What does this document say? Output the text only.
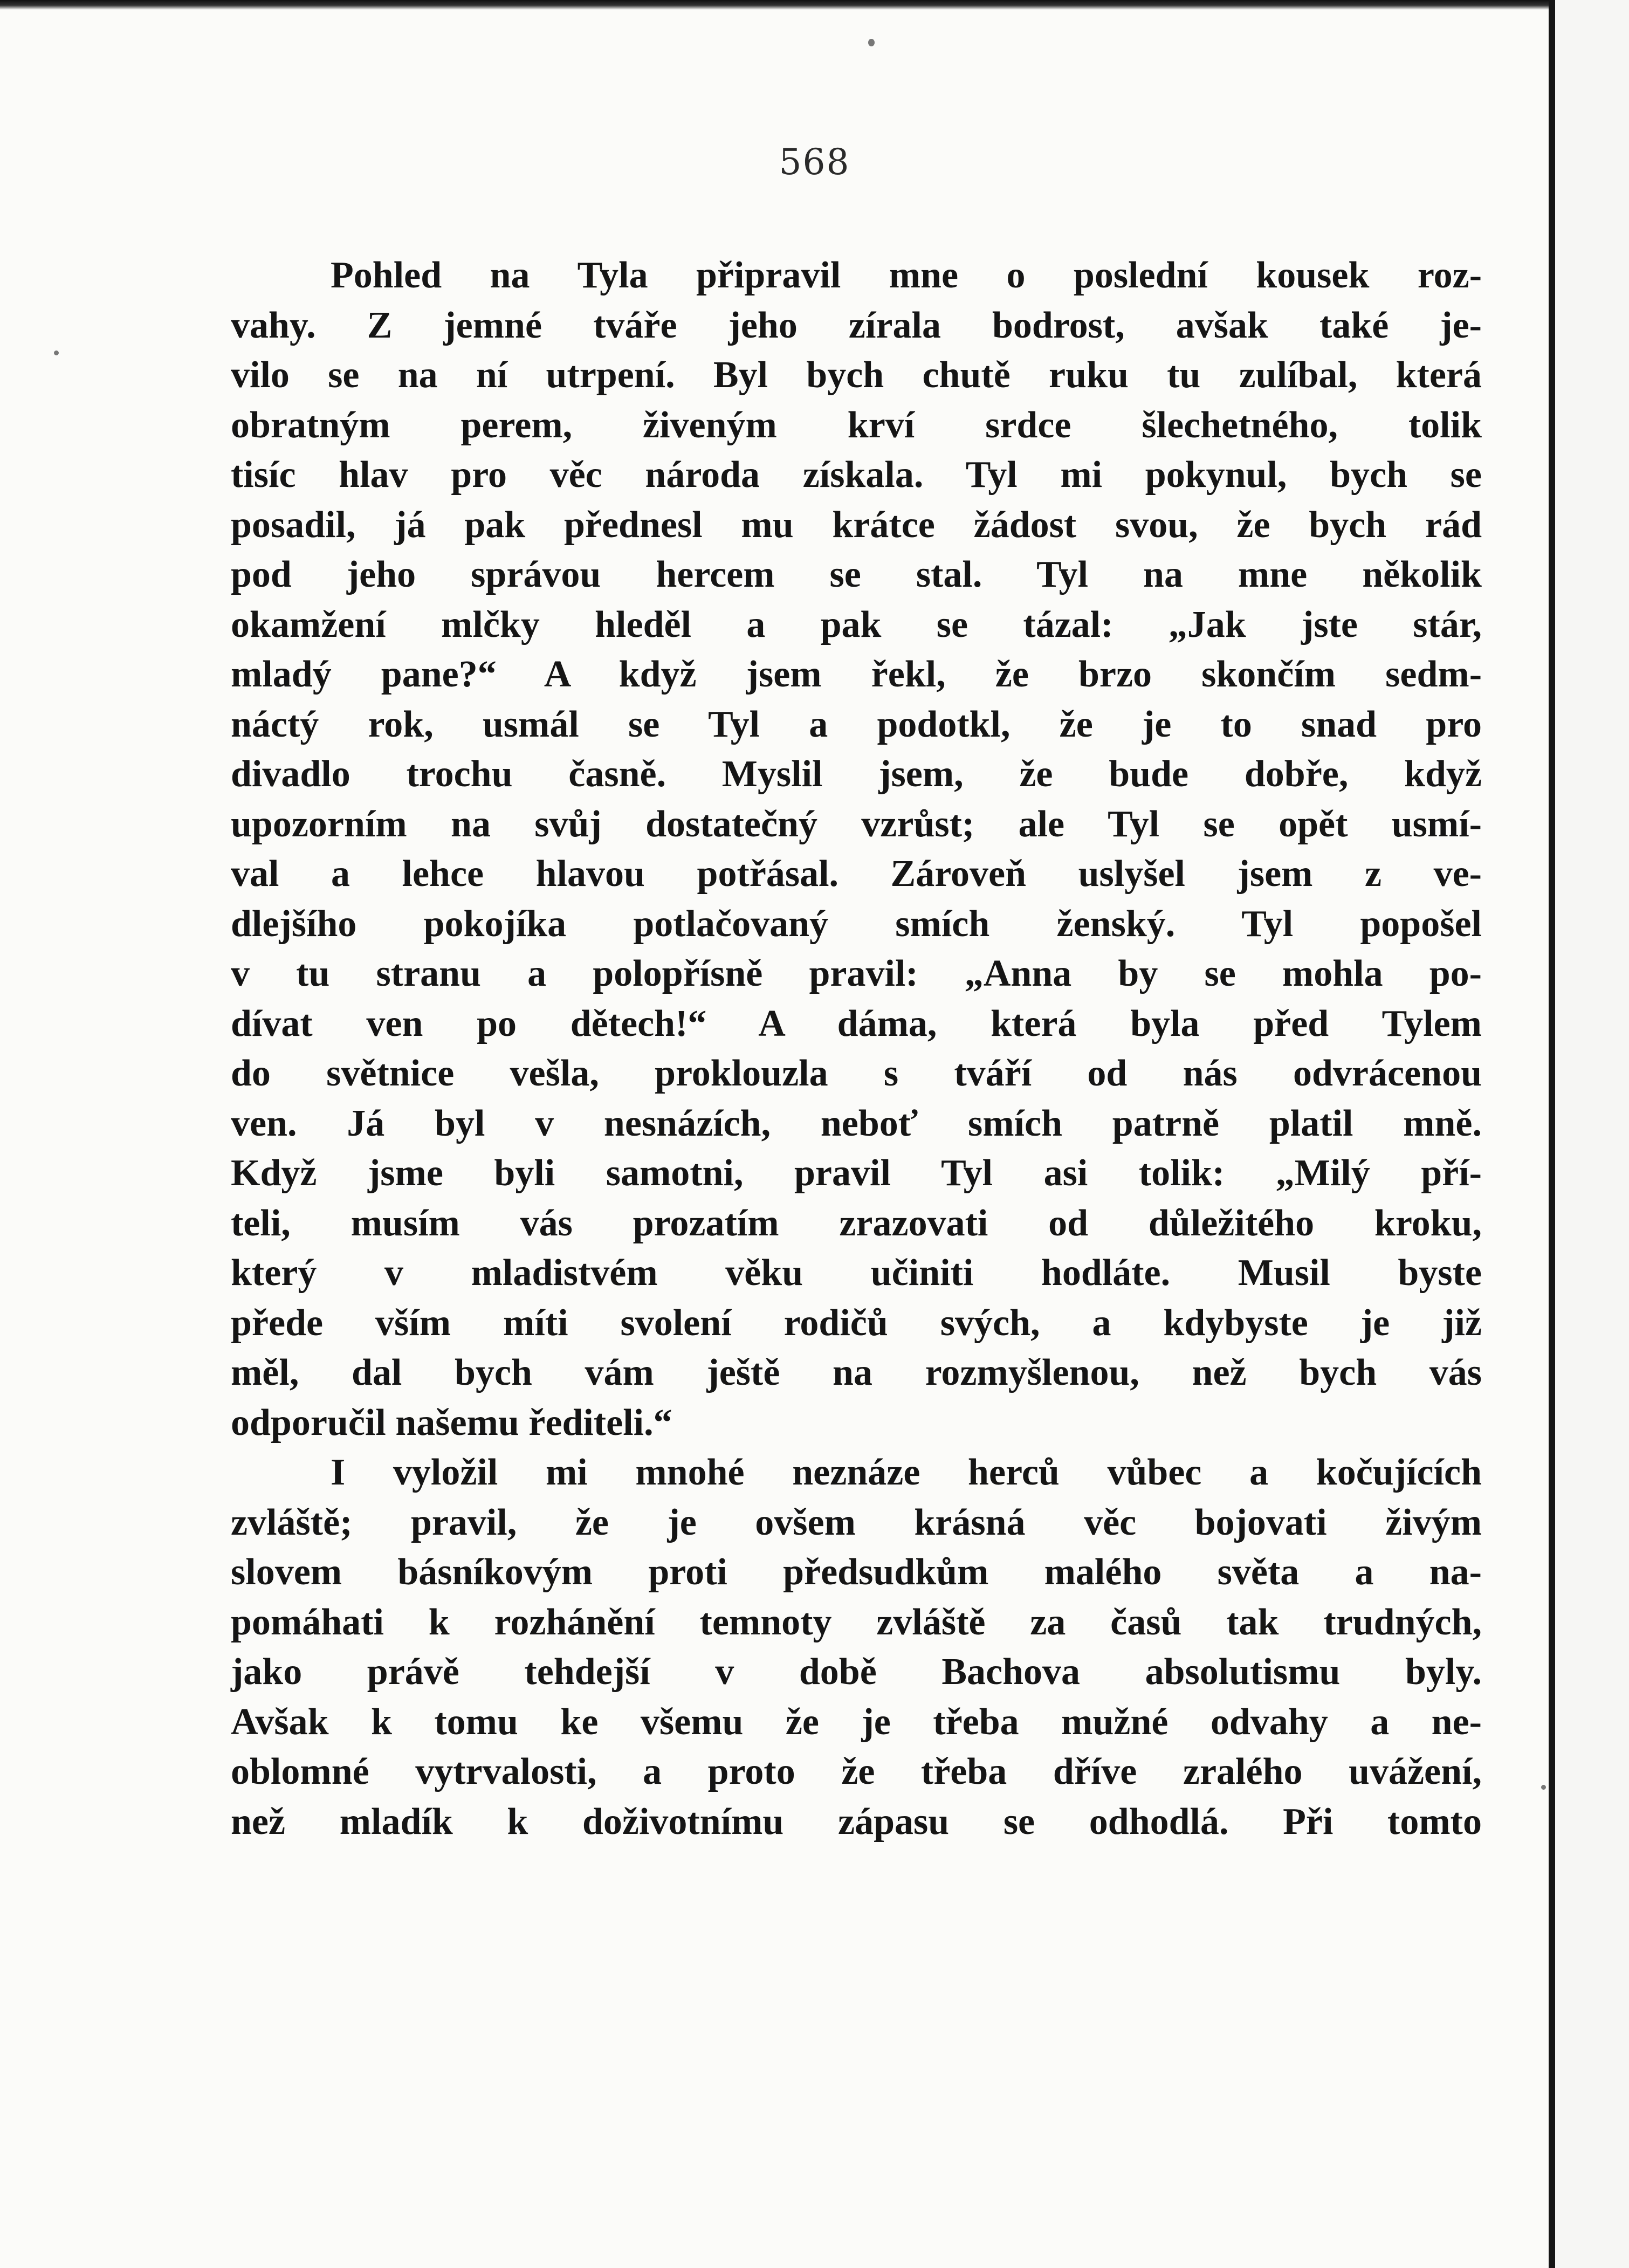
568
Pohled na Tyla připravil mne o poslední kousek roz-
vahy. Z jemné tváře jeho zírala bodrost, avšak také je-
vilo se na ní utrpení. Byl bych chutě ruku tu zulíbal, která
obratným perem, živeným krví srdce šlechetného, tolik
tisíc hlav pro věc národa získala. Tyl mi pokynul, bych se
posadil, já pak přednesl mu krátce žádost svou, že bych rád
pod jeho správou hercem se stal. Tyl na mne několik
okamžení mlčky hleděl a pak se tázal: „Jak jste stár,
mladý pane?“ A když jsem řekl, že brzo skončím sedm-
náctý rok, usmál se Tyl a podotkl, že je to snad pro
divadlo trochu časně. Myslil jsem, že bude dobře, když
upozorním na svůj dostatečný vzrůst; ale Tyl se opět usmí-
val a lehce hlavou potřásal. Zároveň uslyšel jsem z ve-
dlejšího pokojíka potlačovaný smích ženský. Tyl popošel
v tu stranu a polopřísně pravil: „Anna by se mohla po-
dívat ven po dětech!“ A dáma, která byla před Tylem
do světnice vešla, proklouzla s tváří od nás odvrácenou
ven. Já byl v nesnázích, neboť smích patrně platil mně.
Když jsme byli samotni, pravil Tyl asi tolik: „Milý pří-
teli, musím vás prozatím zrazovati od důležitého kroku,
který v mladistvém věku učiniti hodláte. Musil byste
přede vším míti svolení rodičů svých, a kdybyste je již
měl, dal bych vám ještě na rozmyšlenou, než bych vás
odporučil našemu řediteli.“
I vyložil mi mnohé neznáze herců vůbec a kočujících
zvláště; pravil, že je ovšem krásná věc bojovati živým
slovem básníkovým proti předsudkům malého světa a na-
pomáhati k rozhánění temnoty zvláště za časů tak trudných,
jako právě tehdejší v době Bachova absolutismu byly.
Avšak k tomu ke všemu že je třeba mužné odvahy a ne-
oblomné vytrvalosti, a proto že třeba dříve zralého uvážení,
než mladík k doživotnímu zápasu se odhodlá. Při tomto
